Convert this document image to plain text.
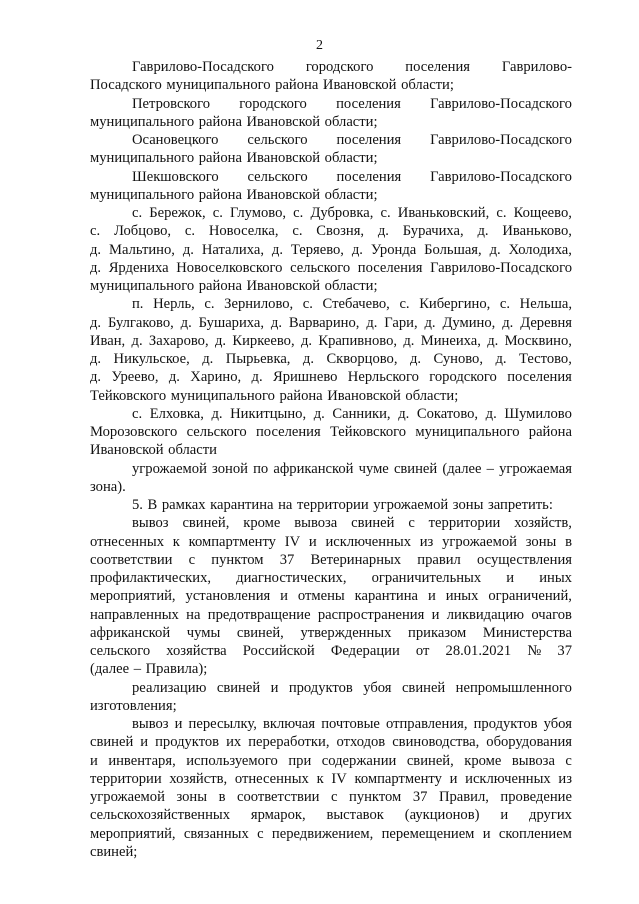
2
Гаврилово-Посадского городского поселения Гаврилово-
Посадского муниципального района Ивановской области;
Петровского городского поселения Гаврилово-Посадского
муниципального района Ивановской области;
Осановецкого сельского поселения Гаврилово-Посадского
муниципального района Ивановской области;
Шекшовского сельского поселения Гаврилово-Посадского
муниципального района Ивановской области;
с. Бережок, с. Глумово, с. Дубровка, с. Иваньковский, с. Кощеево,
с. Лобцово, с. Новоселка, с. Свозня, д. Бурачиха, д. Иваньково,
д. Мальтино, д. Наталиха, д. Теряево, д. Уронда Большая, д. Холодиха,
д. Ярдениха Новоселковского сельского поселения Гаврилово-Посадского
муниципального района Ивановской области;
п. Нерль, с. Зернилово, с. Стебачево, с. Кибергино, с. Нельша,
д. Булгаково, д. Бушариха, д. Варварино, д. Гари, д. Думино, д. Деревня
Иван, д. Захарово, д. Киркеево, д. Крапивново, д. Минеиха, д. Москвино,
д. Никульское, д. Пырьевка, д. Скворцово, д. Суново, д. Тестово,
д. Уреево, д. Харино, д. Яришнево Нерльского городского поселения
Тейковского муниципального района Ивановской области;
с. Елховка, д. Никитцыно, д. Санники, д. Сокатово, д. Шумилово
Морозовского сельского поселения Тейковского муниципального района
Ивановской области
угрожаемой зоной по африканской чуме свиней (далее – угрожаемая
зона).
5. В рамках карантина на территории угрожаемой зоны запретить:
вывоз свиней, кроме вывоза свиней с территории хозяйств,
отнесенных к компартменту IV и исключенных из угрожаемой зоны в
соответствии с пунктом 37 Ветеринарных правил осуществления
профилактических, диагностических, ограничительных и иных
мероприятий, установления и отмены карантина и иных ограничений,
направленных на предотвращение распространения и ликвидацию очагов
африканской чумы свиней, утвержденных приказом Министерства
сельского хозяйства Российской Федерации от 28.01.2021 № 37
(далее – Правила);
реализацию свиней и продуктов убоя свиней непромышленного
изготовления;
вывоз и пересылку, включая почтовые отправления, продуктов убоя
свиней и продуктов их переработки, отходов свиноводства, оборудования
и инвентаря, используемого при содержании свиней, кроме вывоза с
территории хозяйств, отнесенных к IV компартменту и исключенных из
угрожаемой зоны в соответствии с пунктом 37 Правил, проведение
сельскохозяйственных ярмарок, выставок (аукционов) и других
мероприятий, связанных с передвижением, перемещением и скоплением
свиней;
